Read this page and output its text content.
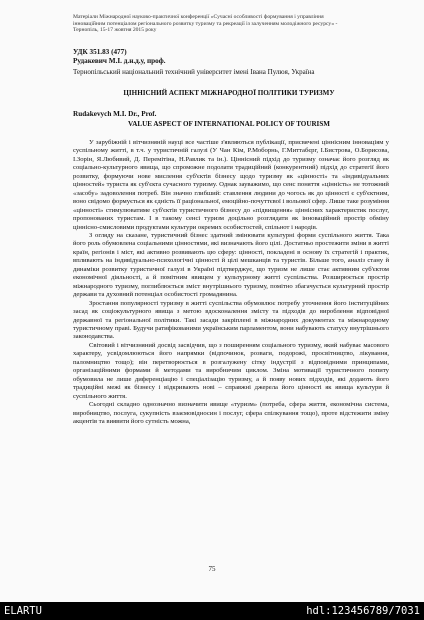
Матеріали Міжнародної науково-практичної конференції «Сучасні особливості формування і управління
інноваційним потенціалом регіонального розвитку туризму та рекреації із залученням молодіжного ресурсу» -
Тернопіль, 15-17 жовтня 2015 року
УДК 351.83 (477)
Рудакевич М.І. д.н.д.у, проф.
Тернопільський національний технічний університет імені Івана Пулюя, Україна
ЦІННІСНИЙ АСПЕКТ МІЖНАРОДНОЇ ПОЛІТИКИ ТУРИЗМУ
Rudakevych M.I. Dr., Prof.
VALUE ASPECT OF INTERNATIONAL POLICY OF TOURISM

У зарубіжній і вітчизняній науці все частіше з'являються публікації, присвячені ціннісним інноваціям у суспільному житті, в т.ч. у туристичній галузі (У Чан Кім, Р.Моборнь, Г.Миттабєрг, І.Бистрова, О.Борисова, І.Зорін, Я.Любивий, Д. Перемітіна, Н.Равлик та ін.). Ціннісний підхід до туризму означає його розгляд як соціально-культурного явища, що спроможне подолати традиційний (конкурентний) підхід до стратегії його розвитку, формуючи нове мислення суб'єктів бізнесу щодо туризму як «цінності» та «індивідуальних цінностей» туриста як суб'єкта сучасного туризму. Однак зауважимо, що сенс поняття «цінність» не тотожний «засобу» задоволення потреб. Він значно глибший: ставлення людини до чогось як до цінності є суб'єктним, воно свідомо формується як єдність її раціональної, емоційно-почуттєвої і вольової сфер. Лише таке розуміння «цінності» стимулюватиме суб'єктів туристичного бізнесу до «підвищення» ціннісних характеристик послуг, пропонованих туристам. І в такому сенсі туризм доцільно розглядати як інноваційний простір обміну ціннісно-смисловими продуктами культури окремих особистостей, спільнот і народів.

З огляду на сказане, туристичний бізнес здатний змінювати культурні форми суспільного життя. Така його роль обумовлена соціальними цінностями, які визначають його цілі. Достатньо простежити зміни в житті країн, регіонів і міст, які активно розвивають цю сферу: цінності, покладені в основу їх стратегій і практик, впливають на індивідуально-психологічні цінності й цілі мешканців та туристів. Більше того, аналіз стану й динаміки розвитку туристичної галузі в Україні підтверджує, що туризм не лише стає активним суб'єктом економічної діяльності, а й помітним явищем у культурному житті суспільства. Розширюється простір міжнародного туризму, поглиблюється зміст внутрішнього туризму, помітно збагачується культурний простір держави та духовний потенціал особистості громадянина.

Зростання популярності туризму в житті суспільства обумовлює потребу уточнення його інституційних засад як соціокультурного явища з метою вдосконалення змісту та підходів до вироблення відповідної державної та регіональної політики. Такі засади закріплені в міжнародних документах та міжнародному туристичному праві. Будучи ратифікованими українським парламентом, вони набувають статусу внутрішнього законодавства.

Світовий і вітчизняний досвід засвідчив, що з поширенням соціального туризму, який набуває масового характеру, усвідомлюються його напрямки (відпочинок, розваги, подорожі, просвітництво, лікування, паломництво тощо); він перетворюється в розгалужену сітку індустрії з відповідними принципами, організаційними формами й методами та виробничим циклом. Зміна мотивації туристичного попиту обумовила не лише диференціацію і спеціалізацію туризму, а й появу нових підходів, які додають його традиційні межі як бізнесу і відкривають нові – справжні джерела його цінності як явища культури й суспільного життя.

Сьогодні складно однозначно визначити явище «туризм» (потреба, сфера життя, економічна система, виробництво, послуга, сукупність взаємовідносин і послуг, сфера спілкування тощо), проте відстежити зміну акцентів та виявити його сутність можна,

75
ELARTU	hdl:123456789/7031
